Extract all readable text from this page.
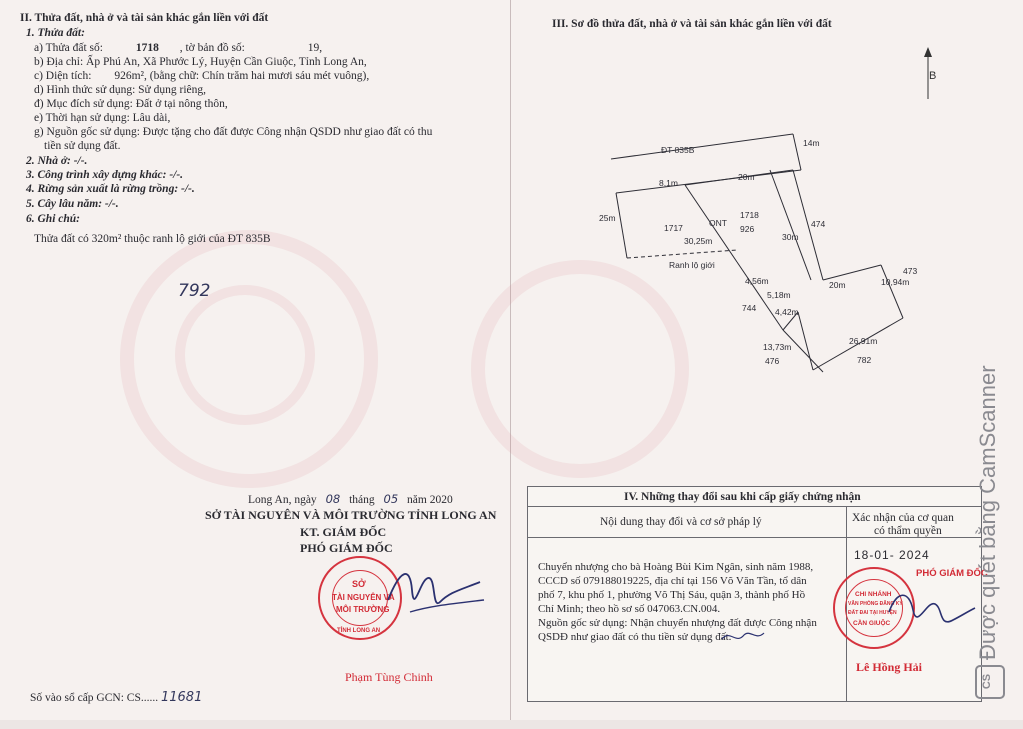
II. Thửa đất, nhà ở và tài sản khác gắn liền với đất
1. Thửa đất:
a) Thửa đất số:	1718 , tờ bản đồ số:	19,
b) Địa chỉ: Ấp Phú An, Xã Phước Lý, Huyện Cần Giuộc, Tỉnh Long An,
c) Diện tích: 926m², (bằng chữ: Chín trăm hai mươi sáu mét vuông),
d) Hình thức sử dụng: Sử dụng riêng,
đ) Mục đích sử dụng: Đất ở tại nông thôn,
e) Thời hạn sử dụng: Lâu dài,
g) Nguồn gốc sử dụng: Được tặng cho đất được Công nhận QSDD như giao đất có thu
tiền sử dụng đất.
2. Nhà ở: -/-.
3. Công trình xây dựng khác: -/-.
4. Rừng sản xuất là rừng trồng: -/-.
5. Cây lâu năm: -/-.
6. Ghi chú:
Thửa đất có 320m² thuộc ranh lộ giới của ĐT 835B
792
Long An, ngày 08 tháng 05 năm 2020
SỞ TÀI NGUYÊN VÀ MÔI TRƯỜNG TỈNH LONG AN
KT. GIÁM ĐỐC
PHÓ GIÁM ĐỐC
SỞ
TÀI NGUYÊN VÀ
MÔI TRƯỜNG
TỈNH LONG AN
Phạm Tùng Chinh
Số vào sổ cấp GCN: CS...... 11681
III. Sơ đồ thửa đất, nhà ở và tài sản khác gắn liền với đất
B
ĐT 835B
14m
8,1m
20m
25m
1717	ONT
1718
926	474
30,25m	30m
Ranh lộ giới
473
4,56m	20m	10,94m
5,18m
744 4,42m
13,73m
26,91m
476	782
IV. Những thay đổi sau khi cấp giấy chứng nhận
Nội dung thay đổi và cơ sở pháp lý	Xác nhận của cơ quan
có thẩm quyền
Chuyển nhượng cho bà Hoàng Bùi Kim Ngân, sinh năm 1988,
CCCD số 079188019225, địa chỉ tại 156 Võ Văn Tần, tổ dân
phố 7, khu phố 1, phường Võ Thị Sáu, quận 3, thành phố Hồ
Chí Minh; theo hồ sơ số 047063.CN.004.
Nguồn gốc sử dụng: Nhận chuyển nhượng đất được Công nhận
QSDĐ như giao đất có thu tiền sử dụng đất.
18-01- 2024
PHÓ GIÁM ĐỐC
CHI NHÁNH
VĂN PHÒNG ĐĂNG KÝ
ĐẤT ĐAI TẠI HUYỆN
CẦN GIUỘC
Lê Hồng Hải
Được quét bằng CamScanner
CS
